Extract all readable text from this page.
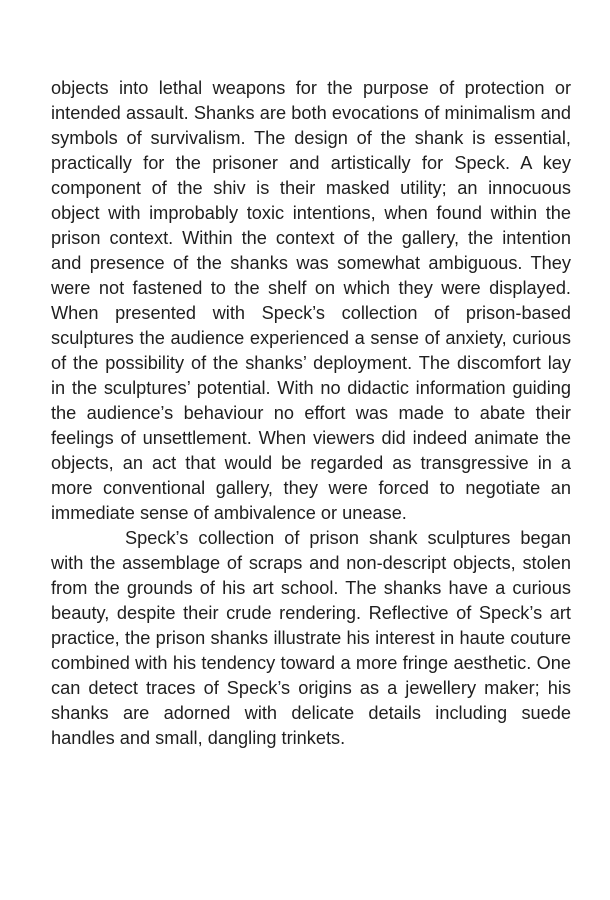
objects into lethal weapons for the purpose of protection or intended assault. Shanks are both evocations of minimalism and symbols of survivalism. The design of the shank is essential, practically for the prisoner and artistically for Speck. A key component of the shiv is their masked utility; an innocuous object with improbably toxic intentions, when found within the prison context. Within the context of the gallery, the intention and presence of the shanks was somewhat ambiguous. They were not fastened to the shelf on which they were displayed. When presented with Speck’s collection of prison-based sculptures the audience experienced a sense of anxiety, curious of the possibility of the shanks’ deployment. The discomfort lay in the sculptures’ potential. With no didactic information guiding the audience’s behaviour no effort was made to abate their feelings of unsettlement. When viewers did indeed animate the objects, an act that would be regarded as transgressive in a more conventional gallery, they were forced to negotiate an immediate sense of ambivalence or unease.

Speck’s collection of prison shank sculptures began with the assemblage of scraps and non-descript objects, stolen from the grounds of his art school. The shanks have a curious beauty, despite their crude rendering. Reflective of Speck’s art practice, the prison shanks illustrate his interest in haute couture combined with his tendency toward a more fringe aesthetic. One can detect traces of Speck’s origins as a jewellery maker; his shanks are adorned with delicate details including suede handles and small, dangling trinkets.
